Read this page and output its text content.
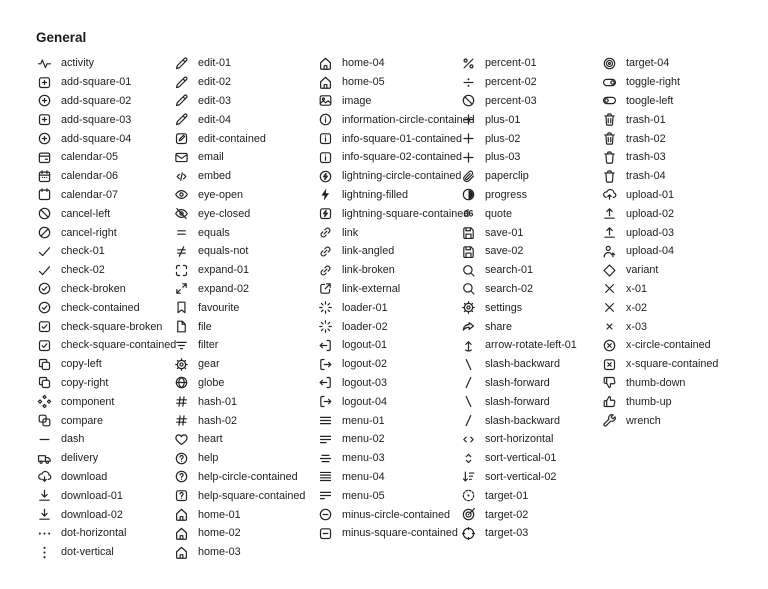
General
activity
add-square-01
add-square-02
add-square-03
add-square-04
calendar-05
calendar-06
calendar-07
cancel-left
cancel-right
check-01
check-02
check-broken
check-contained
check-square-broken
check-square-contained
copy-left
copy-right
component
compare
dash
delivery
download
download-01
download-02
dot-horizontal
dot-vertical
edit-01
edit-02
edit-03
edit-04
edit-contained
email
embed
eye-open
eye-closed
equals
equals-not
expand-01
expand-02
favourite
file
filter
gear
globe
hash-01
hash-02
heart
help
help-circle-contained
help-square-contained
home-01
home-02
home-03
home-04
home-05
image
information-circle-contained
info-square-01-contained
info-square-02-contained
lightning-circle-contained
lightning-filled
lightning-square-contained
link
link-angled
link-broken
link-external
loader-01
loader-02
logout-01
logout-02
logout-03
logout-04
menu-01
menu-02
menu-03
menu-04
menu-05
minus-circle-contained
minus-square-contained
percent-01
percent-02
percent-03
plus-01
plus-02
plus-03
paperclip
progress
quote
save-01
save-02
search-01
search-02
settings
share
arrow-rotate-left-01
slash-backward
slash-forward
slash-forward
slash-backward
sort-horizontal
sort-vertical-01
sort-vertical-02
target-01
target-02
target-03
target-04
toggle-right
toogle-left
trash-01
trash-02
trash-03
trash-04
upload-01
upload-02
upload-03
upload-04
variant
x-01
x-02
x-03
x-circle-contained
x-square-contained
thumb-down
thumb-up
wrench
